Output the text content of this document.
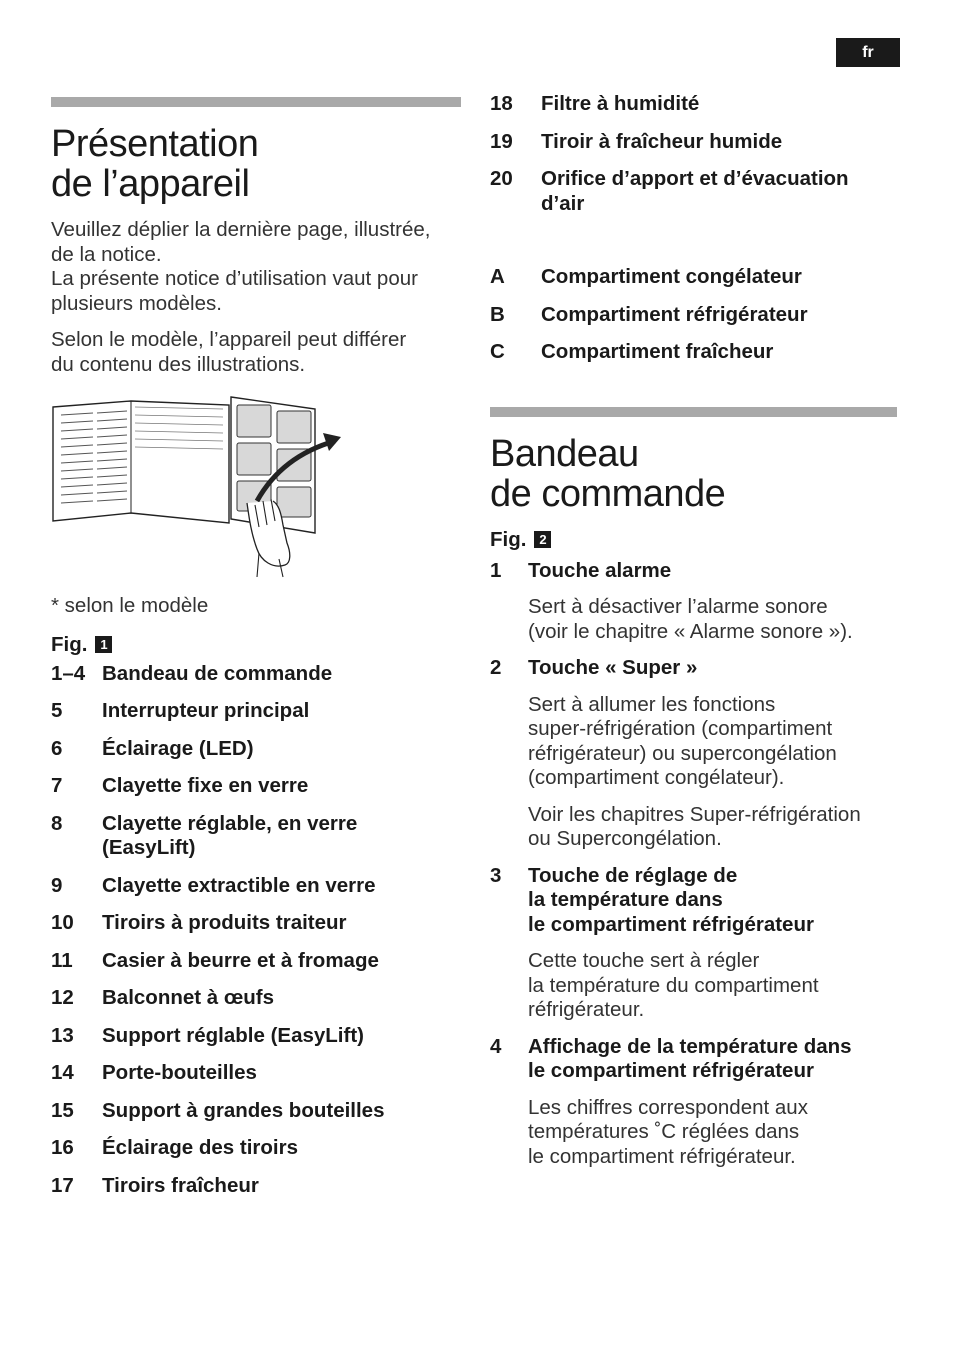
fr
Présentation
de l’appareil

Veuillez déplier la dernière page, illustrée,
de la notice.
La présente notice d’utilisation vaut pour
plusieurs modèles.

Selon le modèle, l’appareil peut différer
du contenu des illustrations.

* selon le modèle

Fig. 1
1–4 Bandeau de commande
5	Interrupteur principal
6	Éclairage (LED)
7	Clayette fixe en verre
8	Clayette réglable, en verre
(EasyLift)
9	Clayette extractible en verre
10	Tiroirs à produits traiteur
11	Casier à beurre et à fromage
12	Balconnet à œufs
13	Support réglable (EasyLift)
14	Porte-bouteilles
15	Support à grandes bouteilles
16	Éclairage des tiroirs
17	Tiroirs fraîcheur
18	Filtre à humidité
19	Tiroir à fraîcheur humide
20	Orifice d’apport et d’évacuation
d’air
A	Compartiment congélateur
B	Compartiment réfrigérateur
C	Compartiment fraîcheur
Bandeau
de commande
Fig. 2
1	Touche alarme

Sert à désactiver l’alarme sonore
(voir le chapitre « Alarme sonore »).

2	Touche « Super »

Sert à allumer les fonctions
super-réfrigération (compartiment
réfrigérateur) ou supercongélation
(compartiment congélateur).

Voir les chapitres Super-réfrigération
ou Supercongélation.

3	Touche de réglage de
la température dans
le compartiment réfrigérateur

Cette touche sert à régler
la température du compartiment
réfrigérateur.

4	Affichage de la température dans
le compartiment réfrigérateur

Les chiffres correspondent aux
températures ˚C réglées dans
le compartiment réfrigérateur.
